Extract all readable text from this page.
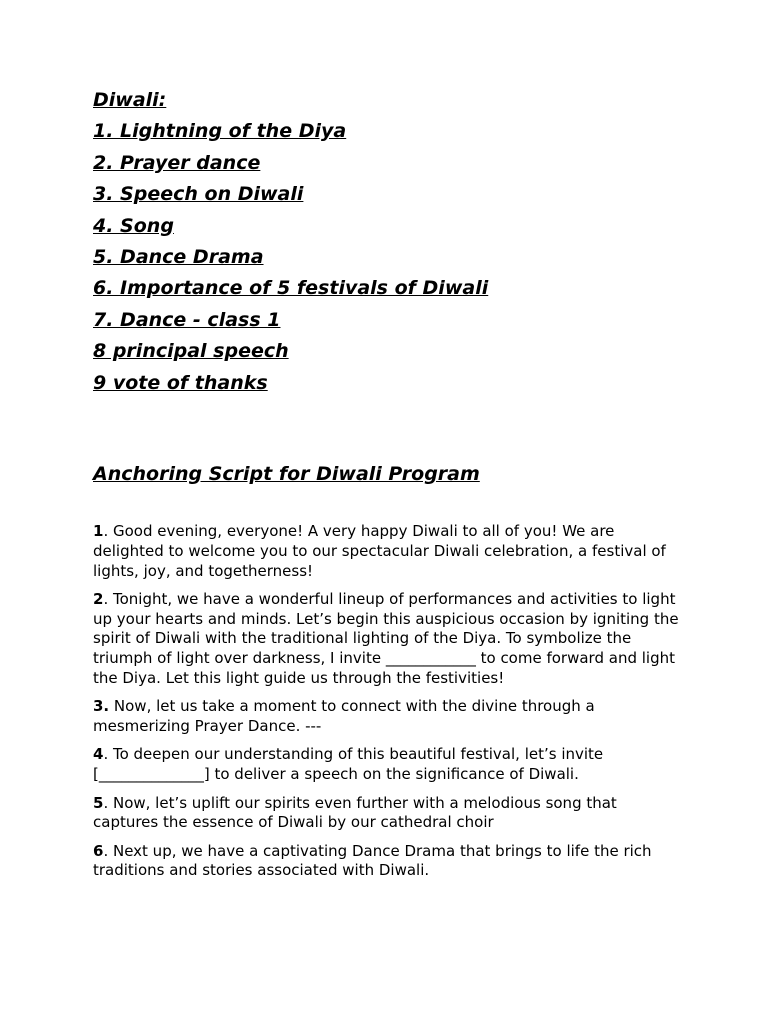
Diwali:
1. Lightning of the Diya
2. Prayer dance
3. Speech on Diwali
4. Song
5. Dance Drama
6. Importance of 5 festivals of Diwali
7. Dance - class 1
8 principal speech
9 vote of thanks
Anchoring Script for Diwali Program

1. Good evening, everyone! A very happy Diwali to all of you! We are delighted to welcome you to our spectacular Diwali celebration, a festival of lights, joy, and togetherness!

2. Tonight, we have a wonderful lineup of performances and activities to light up your hearts and minds. Let’s begin this auspicious occasion by igniting the spirit of Diwali with the traditional lighting of the Diya. To symbolize the triumph of light over darkness, I invite ____________ to come forward and light the Diya. Let this light guide us through the festivities!

3. Now, let us take a moment to connect with the divine through a mesmerizing Prayer Dance. ---

4. To deepen our understanding of this beautiful festival, let’s invite [______________] to deliver a speech on the significance of Diwali.

5. Now, let’s uplift our spirits even further with a melodious song that captures the essence of Diwali by our cathedral choir

6. Next up, we have a captivating Dance Drama that brings to life the rich traditions and stories associated with Diwali.
